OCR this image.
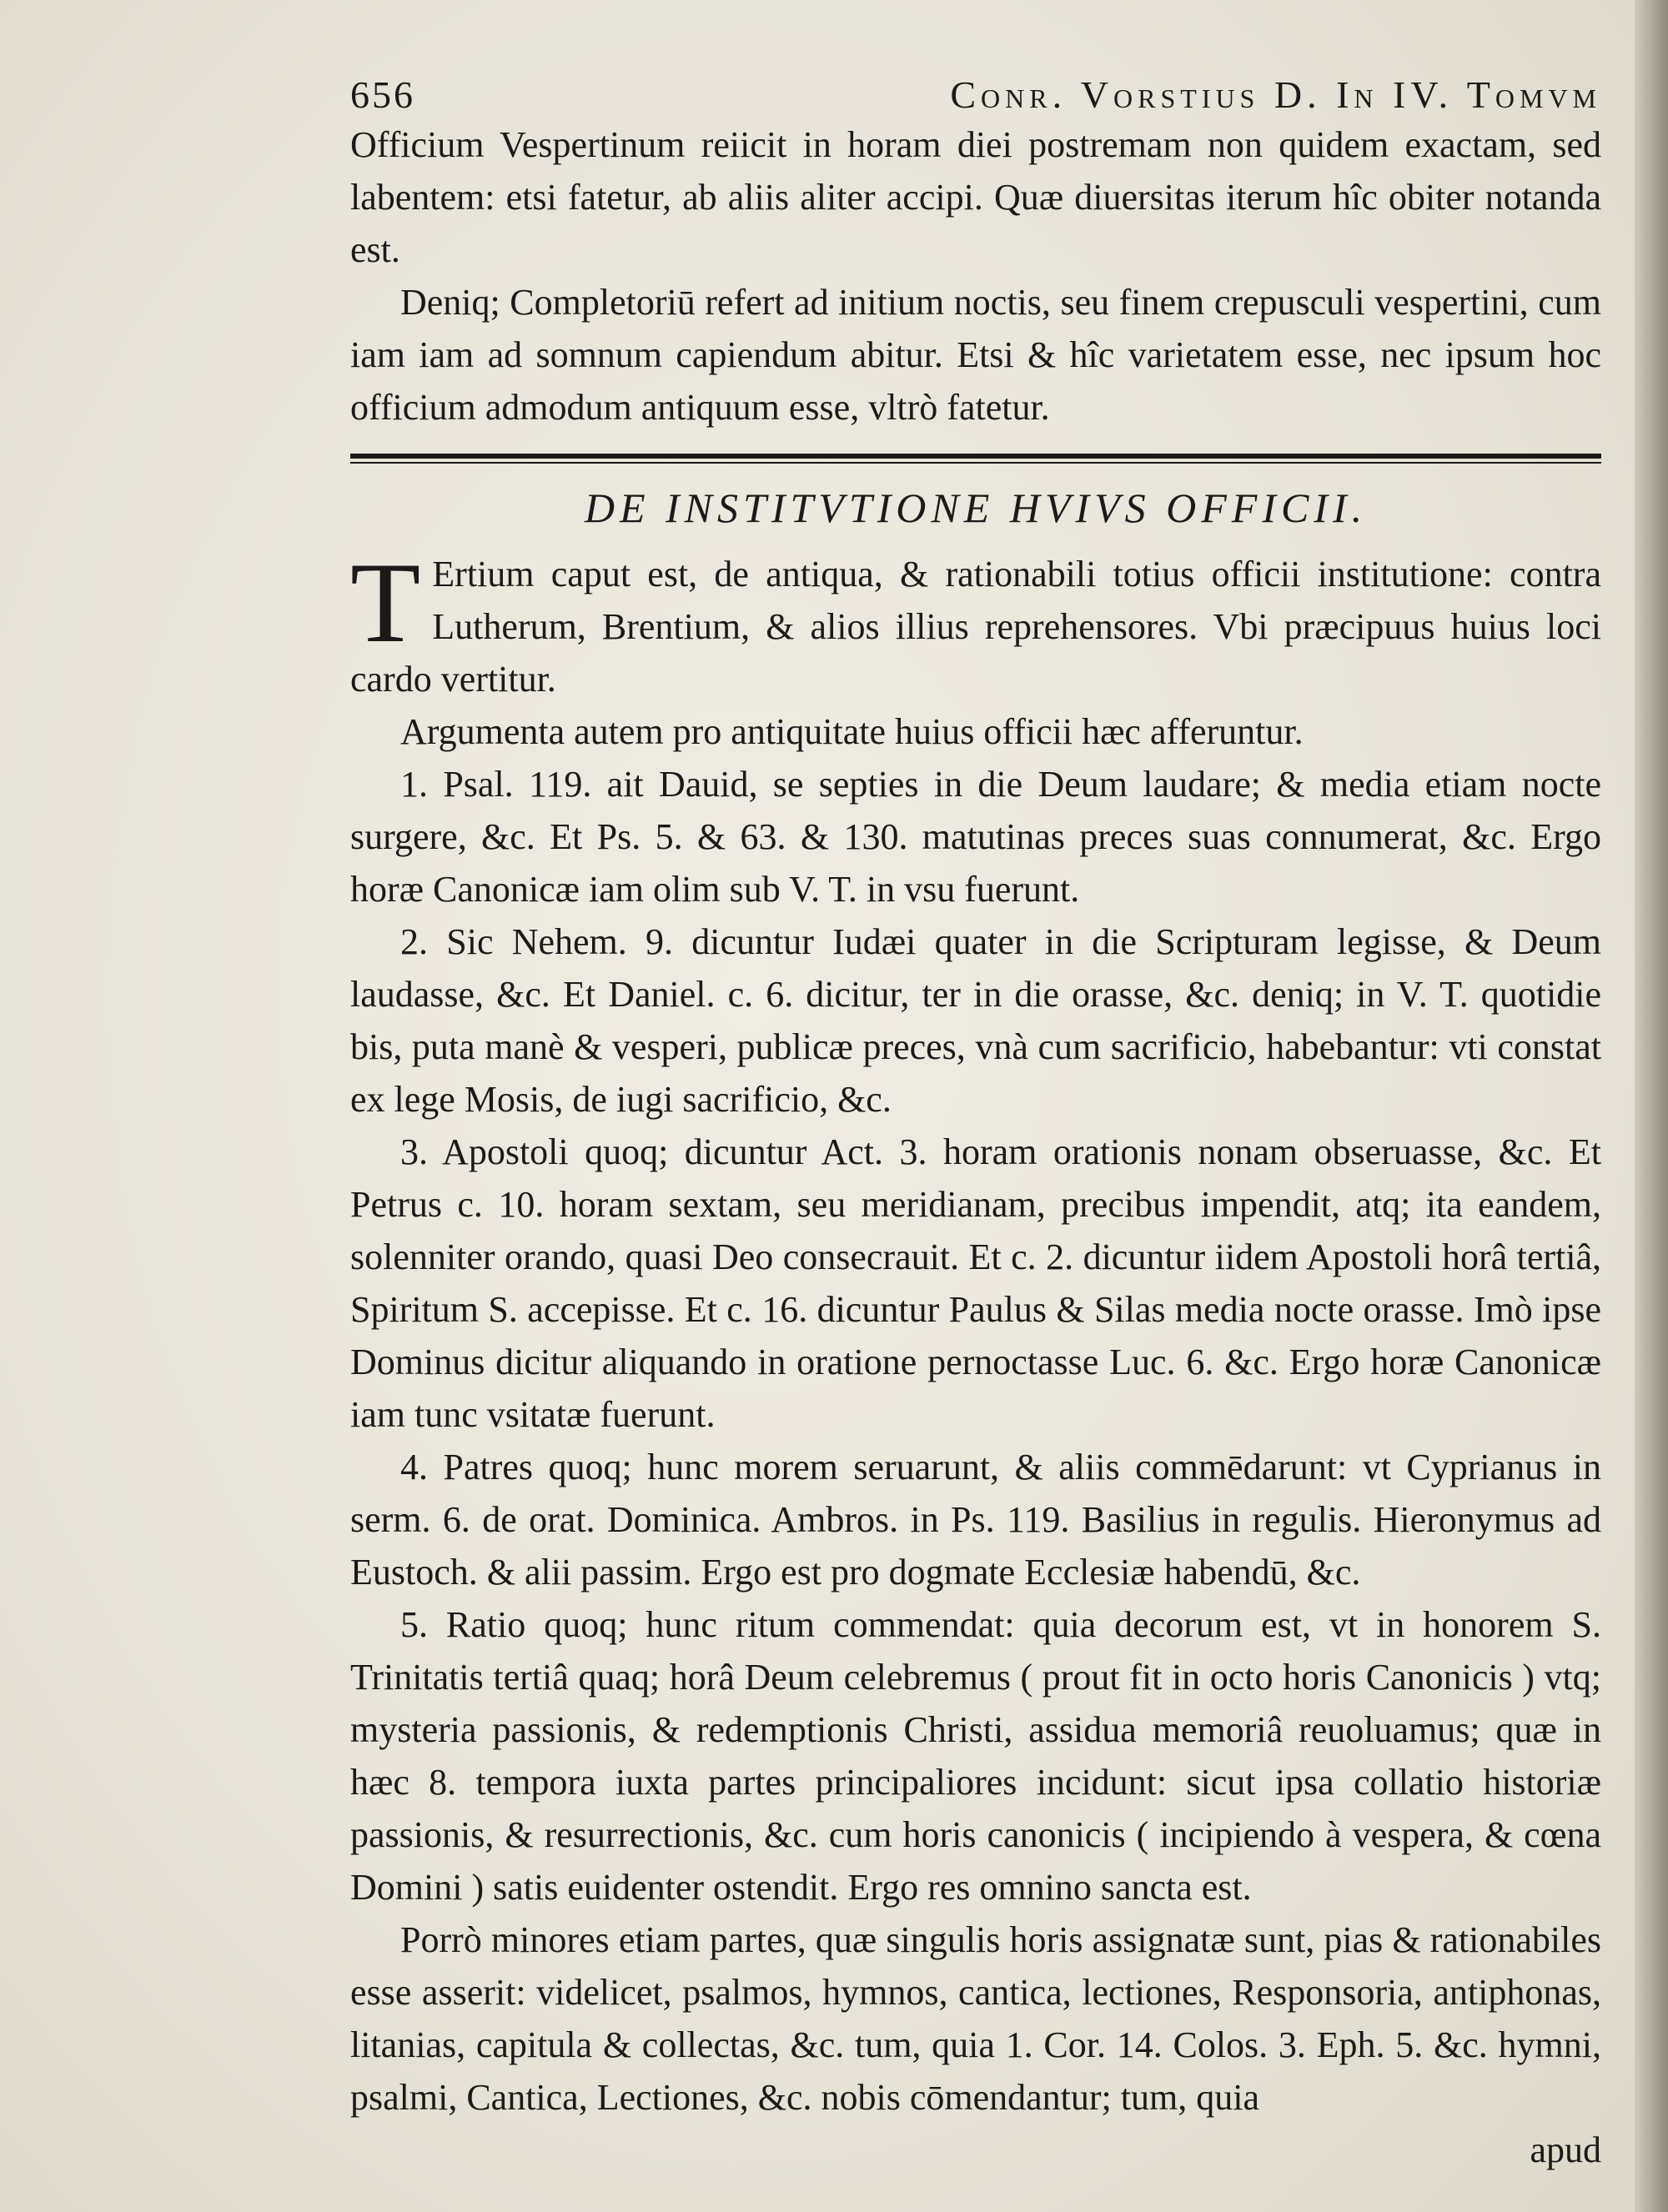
656	Conr. Vorstius D. In IV. Tomvm

Officium Vespertinum reiicit in horam diei postremam non quidem exactam, sed labentem: etsi fatetur, ab aliis aliter accipi. Quæ diuersitas iterum hîc obiter notanda est.

Deniq; Completoriū refert ad initium noctis, seu finem crepusculi vespertini, cum iam iam ad somnum capiendum abitur. Etsi & hîc varietatem esse, nec ipsum hoc officium admodum antiquum esse, vltrò fatetur.

DE INSTITVTIONE HVIVS OFFICII.

T Ertium caput est, de antiqua, & rationabili totius officii institutione: contra Lutherum, Brentium, & alios illius reprehensores. Vbi præcipuus huius loci cardo vertitur.

Argumenta autem pro antiquitate huius officii hæc afferuntur.

1. Psal. 119. ait Dauid, se septies in die Deum laudare; & media etiam nocte surgere, &c. Et Ps. 5. & 63. & 130. matutinas preces suas connumerat, &c. Ergo horæ Canonicæ iam olim sub V. T. in vsu fuerunt.

2. Sic Nehem. 9. dicuntur Iudæi quater in die Scripturam legisse, & Deum laudasse, &c. Et Daniel. c. 6. dicitur, ter in die orasse, &c. deniq; in V. T. quotidie bis, puta manè & vesperi, publicæ preces, vnà cum sacrificio, habebantur: vti constat ex lege Mosis, de iugi sacrificio, &c.

3. Apostoli quoq; dicuntur Act. 3. horam orationis nonam obseruasse, &c. Et Petrus c. 10. horam sextam, seu meridianam, precibus impendit, atq; ita eandem, solenniter orando, quasi Deo consecrauit. Et c. 2. dicuntur iidem Apostoli horâ tertiâ, Spiritum S. accepisse. Et c. 16. dicuntur Paulus & Silas media nocte orasse. Imò ipse Dominus dicitur aliquando in oratione pernoctasse Luc. 6. &c. Ergo horæ Canonicæ iam tunc vsitatæ fuerunt.

4. Patres quoq; hunc morem seruarunt, & aliis commēdarunt: vt Cyprianus in serm. 6. de orat. Dominica. Ambros. in Ps. 119. Basilius in regulis. Hieronymus ad Eustoch. & alii passim. Ergo est pro dogmate Ecclesiæ habendū, &c.

5. Ratio quoq; hunc ritum commendat: quia decorum est, vt in honorem S. Trinitatis tertiâ quaq; horâ Deum celebremus ( prout fit in octo horis Canonicis ) vtq; mysteria passionis, & redemptionis Christi, assidua memoriâ reuoluamus; quæ in hæc 8. tempora iuxta partes principaliores incidunt: sicut ipsa collatio historiæ passionis, & resurrectionis, &c. cum horis canonicis ( incipiendo à vespera, & cœna Domini ) satis euidenter ostendit. Ergo res omnino sancta est.

Porrò minores etiam partes, quæ singulis horis assignatæ sunt, pias & rationabiles esse asserit: videlicet, psalmos, hymnos, cantica, lectiones, Responsoria, antiphonas, litanias, capitula & collectas, &c. tum, quia 1. Cor. 14. Colos. 3. Eph. 5. &c. hymni, psalmi, Cantica, Lectiones, &c. nobis cōmendantur; tum, quia

apud
